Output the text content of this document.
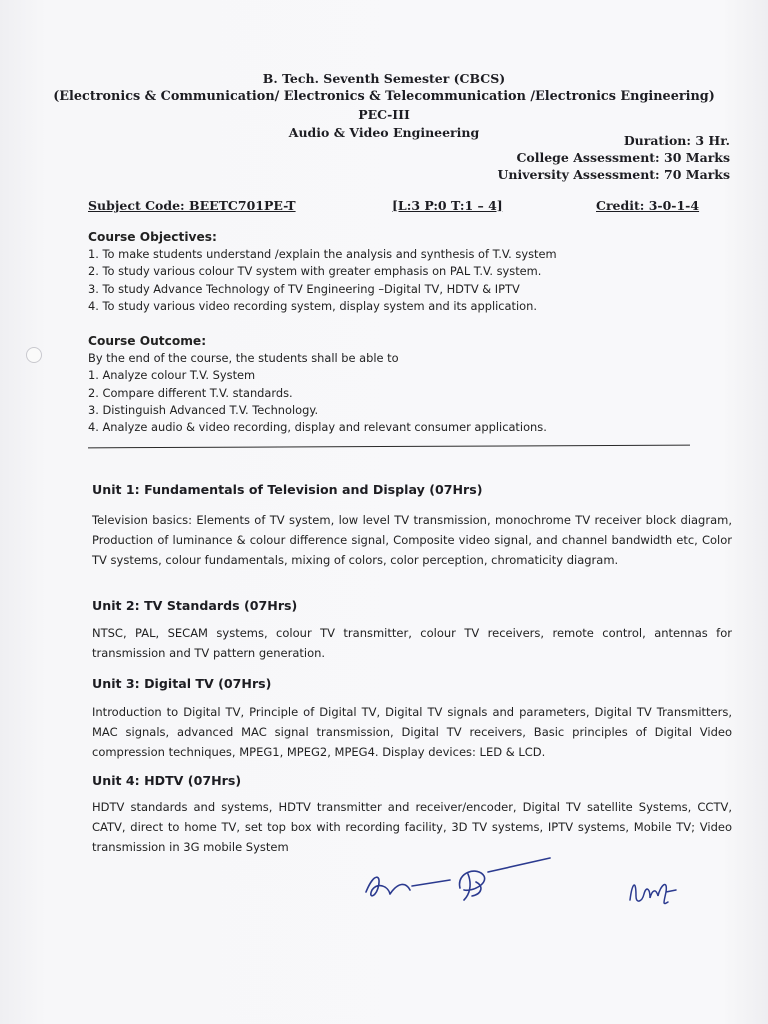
B. Tech. Seventh Semester (CBCS)
(Electronics & Communication/ Electronics & Telecommunication /Electronics Engineering)
PEC-III
Audio & Video Engineering
Duration: 3 Hr.
College Assessment: 30 Marks
University Assessment: 70 Marks
Subject Code: BEETC701PE-T	[L:3 P:0 T:1 – 4]	Credit: 3-0-1-4

Course Objectives:

1. To make students understand /explain the analysis and synthesis of T.V. system
2. To study various colour TV system with greater emphasis on PAL T.V. system.
3. To study Advance Technology of TV Engineering –Digital TV, HDTV & IPTV
4. To study various video recording system, display system and its application.

Course Outcome:

By the end of the course, the students shall be able to
1. Analyze colour T.V. System
2. Compare different T.V. standards.
3. Distinguish Advanced T.V. Technology.
4. Analyze audio & video recording, display and relevant consumer applications.
Unit 1: Fundamentals of Television and Display (07Hrs)
Television basics: Elements of TV system, low level TV transmission, monochrome TV receiver block diagram, Production of luminance & colour difference signal, Composite video signal, and channel bandwidth etc, Color TV systems, colour fundamentals, mixing of colors, color perception, chromaticity diagram.
Unit 2: TV Standards (07Hrs)
NTSC, PAL, SECAM systems, colour TV transmitter, colour TV receivers, remote control, antennas for transmission and TV pattern generation.
Unit 3: Digital TV (07Hrs)
Introduction to Digital TV, Principle of Digital TV, Digital TV signals and parameters, Digital TV Transmitters, MAC signals, advanced MAC signal transmission, Digital TV receivers, Basic principles of Digital Video compression techniques, MPEG1, MPEG2, MPEG4. Display devices: LED & LCD.
Unit 4: HDTV (07Hrs)
HDTV standards and systems, HDTV transmitter and receiver/encoder, Digital TV satellite Systems, CCTV, CATV, direct to home TV, set top box with recording facility, 3D TV systems, IPTV systems, Mobile TV; Video transmission in 3G mobile System
